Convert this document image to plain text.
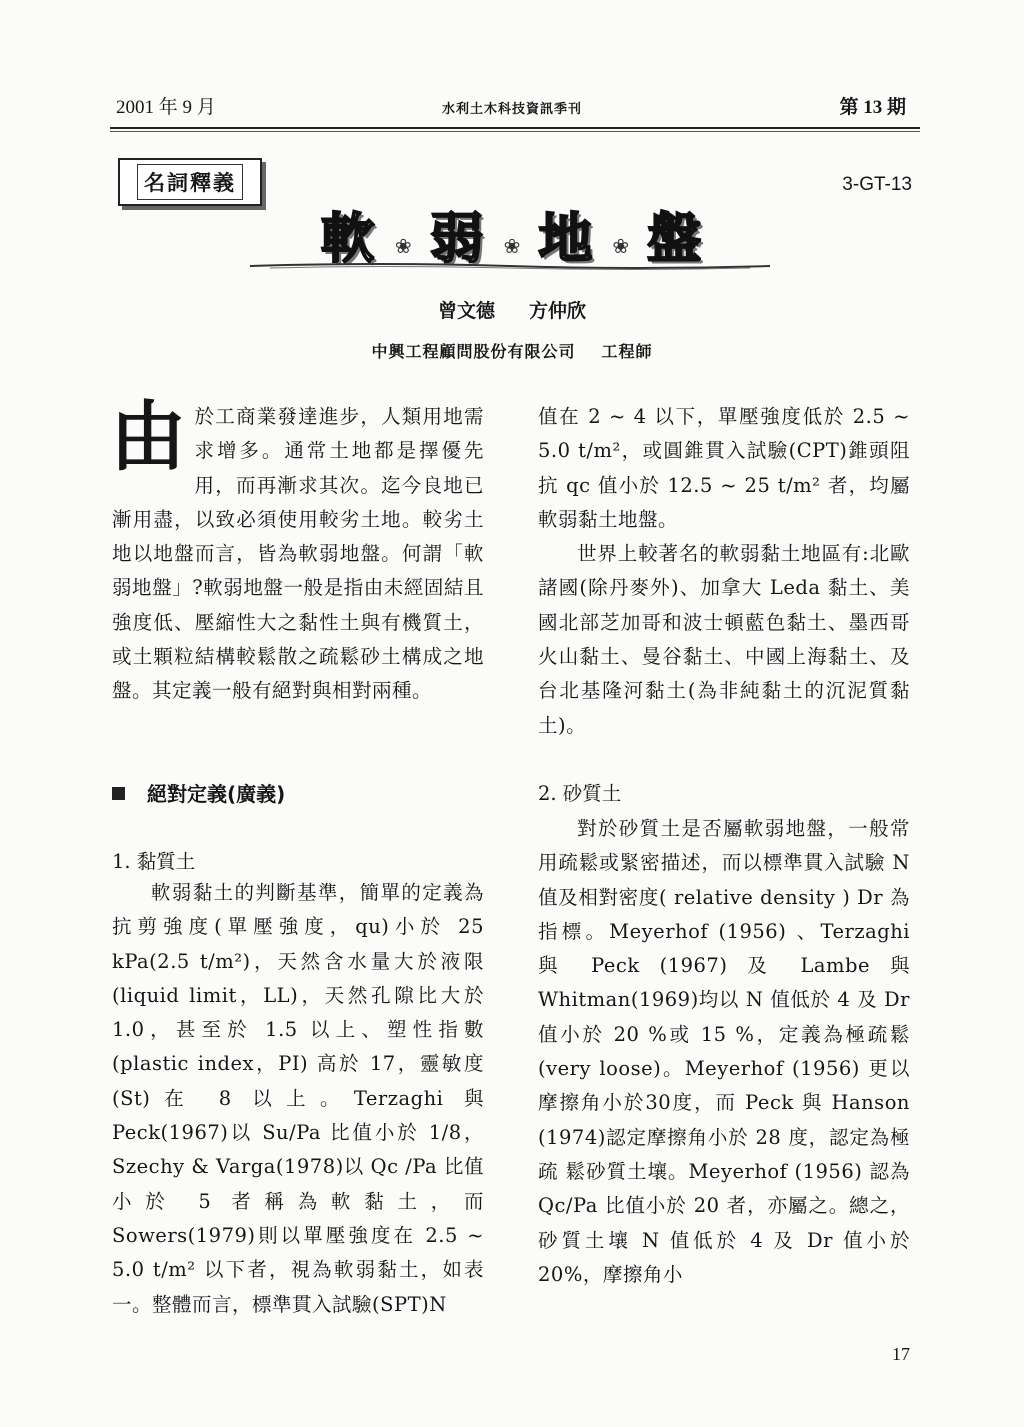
2001 年 9 月	水利土木科技資訊季刊	第 13 期
名詞釋義	3-GT-13
軟 ❀ 弱 ❀ 地 ❀ 盤
曾文德 方仲欣
中興工程顧問股份有限公司 工程師
由於工商業發達進步，人類用地需求增多。通常土地都是擇優先用，而再漸求其次。迄今良地已漸用盡，以致必須使用較劣土地。較劣土地以地盤而言，皆為軟弱地盤。何謂「軟弱地盤」?軟弱地盤一般是指由未經固結且強度低、壓縮性大之黏性土與有機質土，或土顆粒結構較鬆散之疏鬆砂土構成之地盤。其定義一般有絕對與相對兩種。
絕對定義(廣義)
1. 黏質土

軟弱黏土的判斷基準，簡單的定義為抗剪強度(單壓強度，qu)小於 25 kPa(2.5 t/m²)，天然含水量大於液限(liquid limit，LL)，天然孔隙比大於1.0，甚至於 1.5 以上、塑性指數(plastic index，PI) 高於 17，靈敏度(St)在 8 以上。Terzaghi 與 Peck(1967)以 Su/Pa 比值小於 1/8，Szechy & Varga(1978)以 Qc /Pa 比值小於 5 者稱為軟黏土，而 Sowers(1979)則以單壓強度在 2.5 ~ 5.0 t/m² 以下者，視為軟弱黏土，如表一。整體而言，標準貫入試驗(SPT)N

值在 2 ~ 4 以下，單壓強度低於 2.5 ~ 5.0 t/m²，或圓錐貫入試驗(CPT)錐頭阻抗 qc 值小於 12.5 ~ 25 t/m² 者，均屬軟弱黏土地盤。

世界上較著名的軟弱黏土地區有:北歐諸國(除丹麥外)、加拿大 Leda 黏土、美國北部芝加哥和波士頓藍色黏土、墨西哥火山黏土、曼谷黏土、中國上海黏土、及台北基隆河黏土(為非純黏土的沉泥質黏土)。

2. 砂質土

對於砂質土是否屬軟弱地盤，一般常用疏鬆或緊密描述，而以標準貫入試驗 N 值及相對密度( relative density ) Dr 為指標。Meyerhof (1956) 、Terzaghi 與 Peck (1967) 及 Lambe 與 Whitman(1969)均以 N 值低於 4 及 Dr 值小於 20 %或 15 %，定義為極疏鬆 (very loose)。Meyerhof (1956) 更以摩擦角小於30度，而 Peck 與 Hanson (1974)認定摩擦角小於 28 度，認定為極 疏 鬆砂質土壤。Meyerhof (1956) 認為 Qc/Pa 比值小於 20 者，亦屬之。總之，砂質土壤 N 值低於 4 及 Dr 值小於 20%，摩擦角小

17
